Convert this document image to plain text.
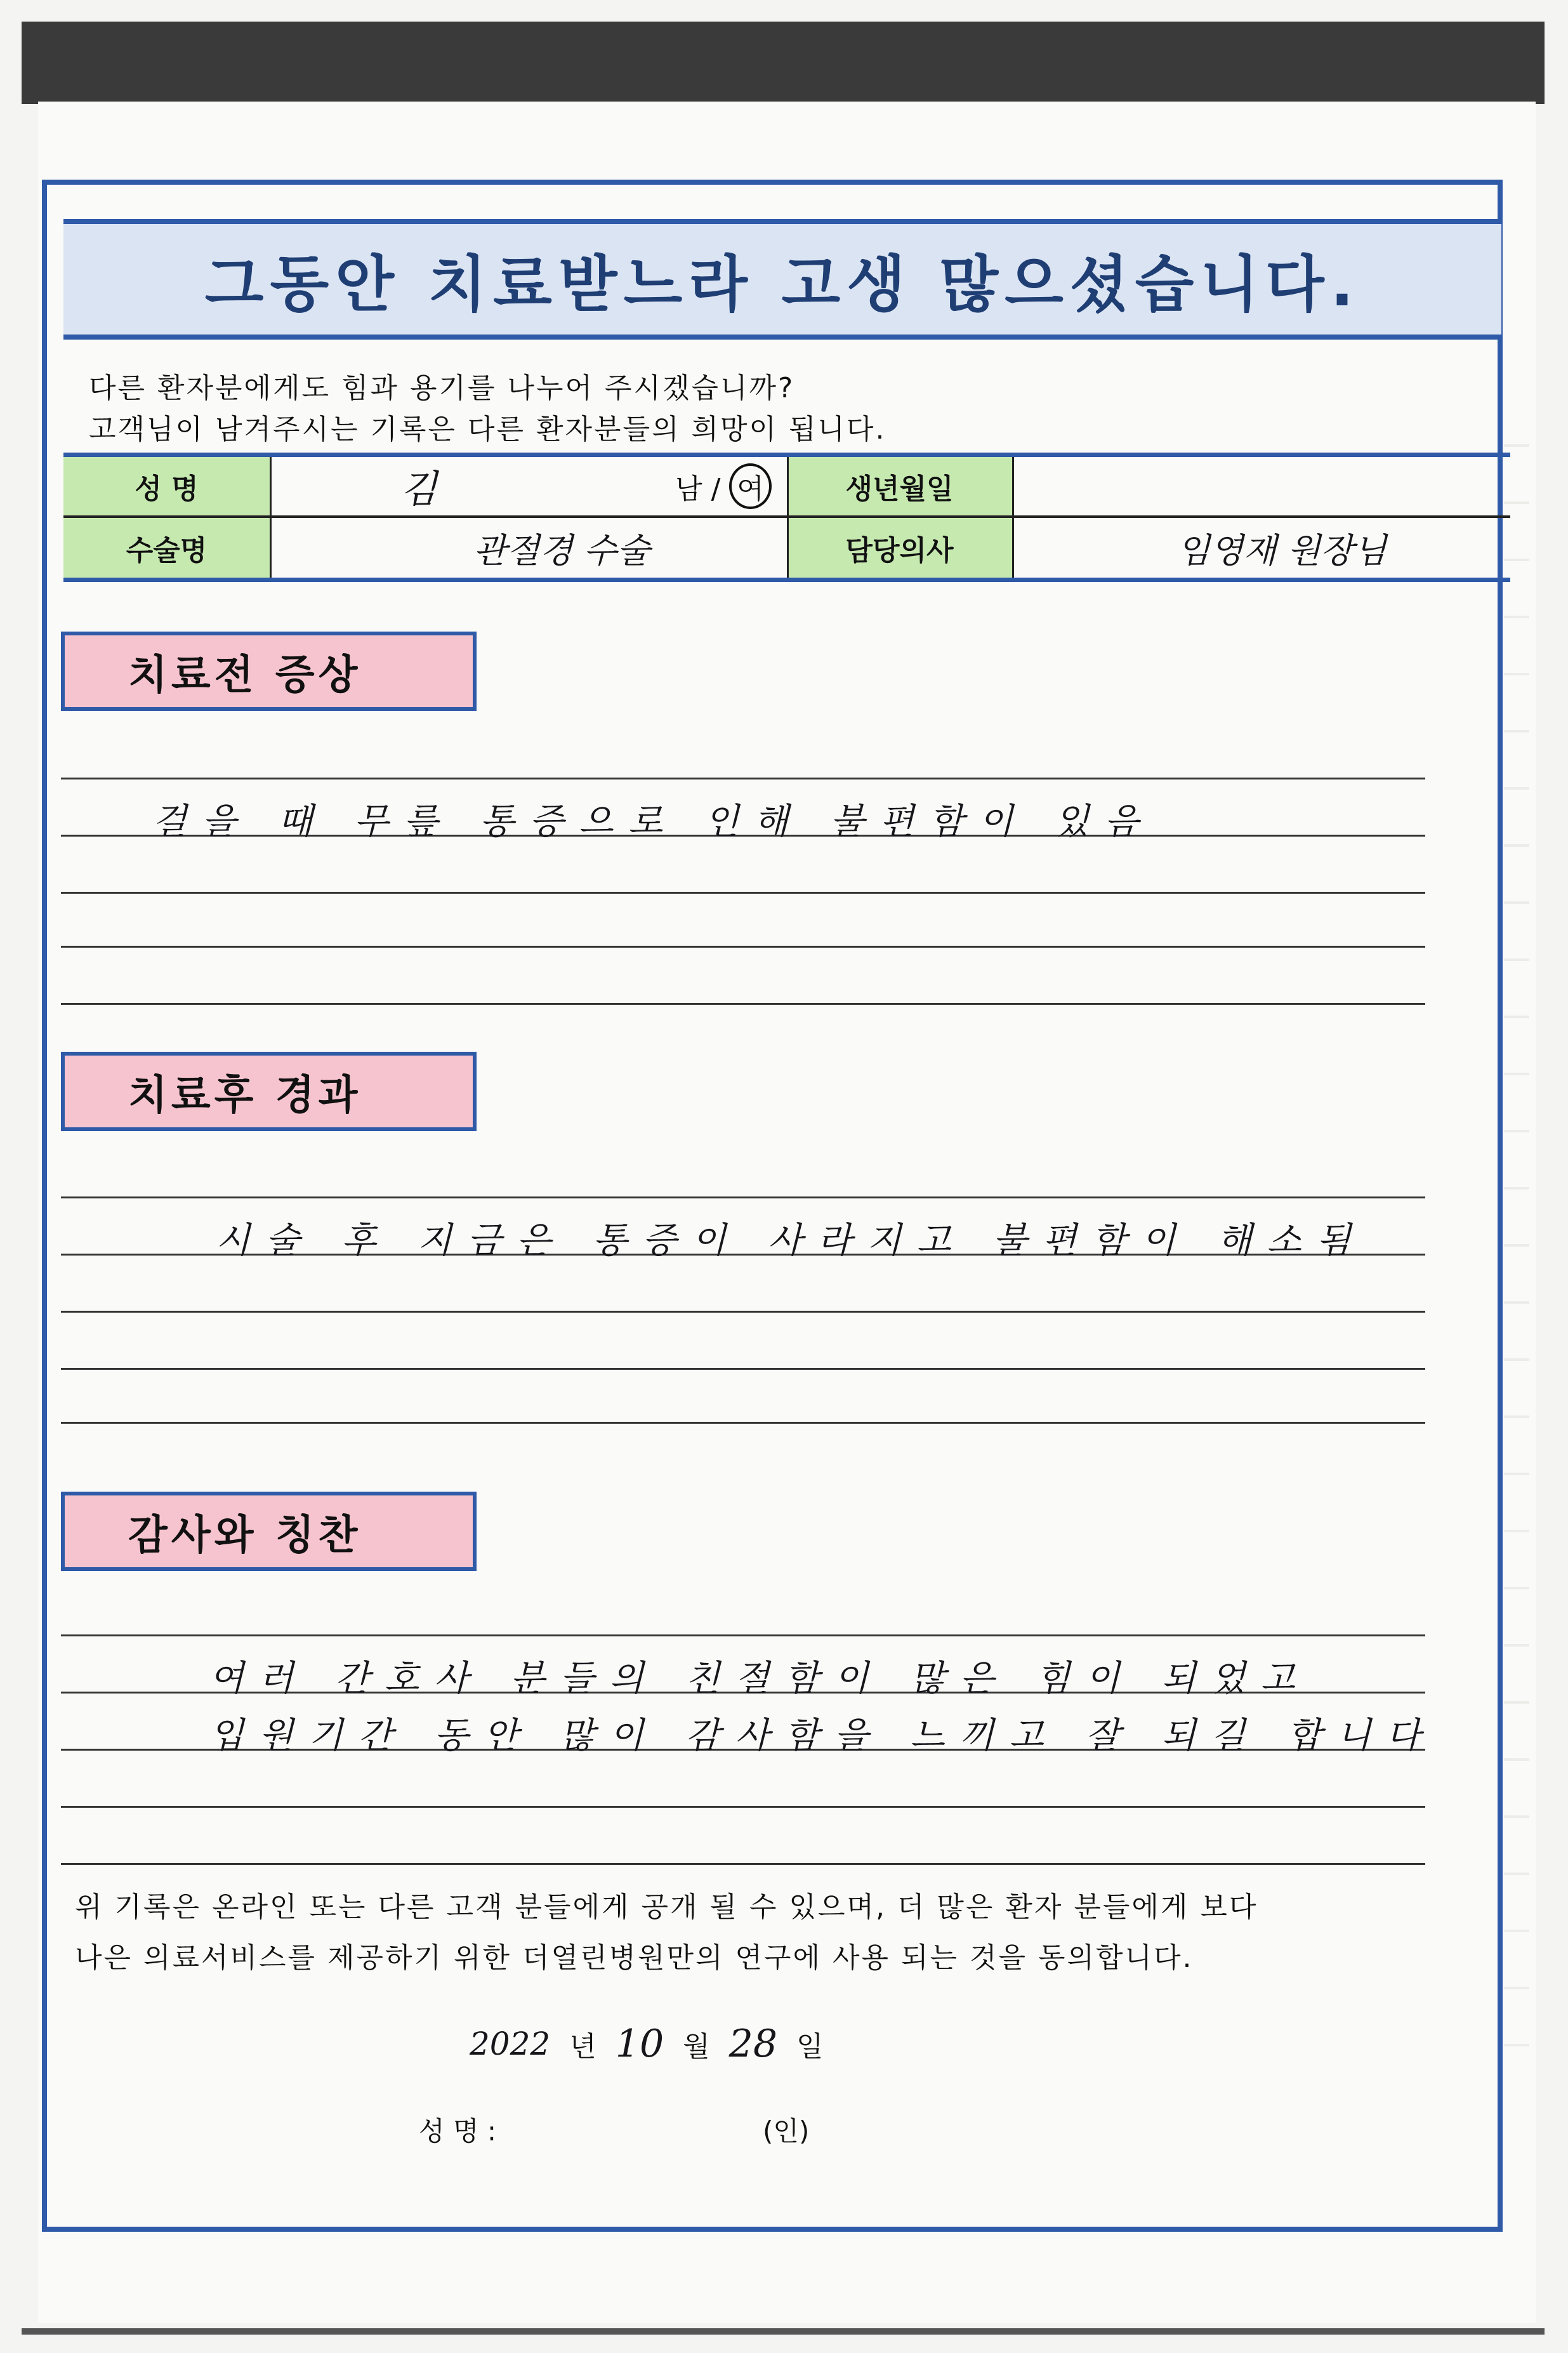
그동안 치료받느라 고생 많으셨습니다.
다른 환자분에게도 힘과 용기를 나누어 주시겠습니까?
고객님이 남겨주시는 기록은 다른 환자분들의 희망이 됩니다.
성 명	김	남 / 여	생년월일
수술명	관절경 수술	담당의사	임영재 원장님
치료전 증상
걸을 때 무릎 통증으로 인해 불편함이 있음
치료후 경과
시술 후 지금은 통증이 사라지고 불편함이 해소됨
감사와 칭찬
여러 간호사 분들의 친절함이 많은 힘이 되었고
입원기간 동안 많이 감사함을 느끼고 잘 되길 합니다
위 기록은 온라인 또는 다른 고객 분들에게 공개 될 수 있으며, 더 많은 환자 분들에게 보다
나은 의료서비스를 제공하기 위한 더열린병원만의 연구에 사용 되는 것을 동의합니다.
2022 년 10 월 28 일
성 명 :	(인)
